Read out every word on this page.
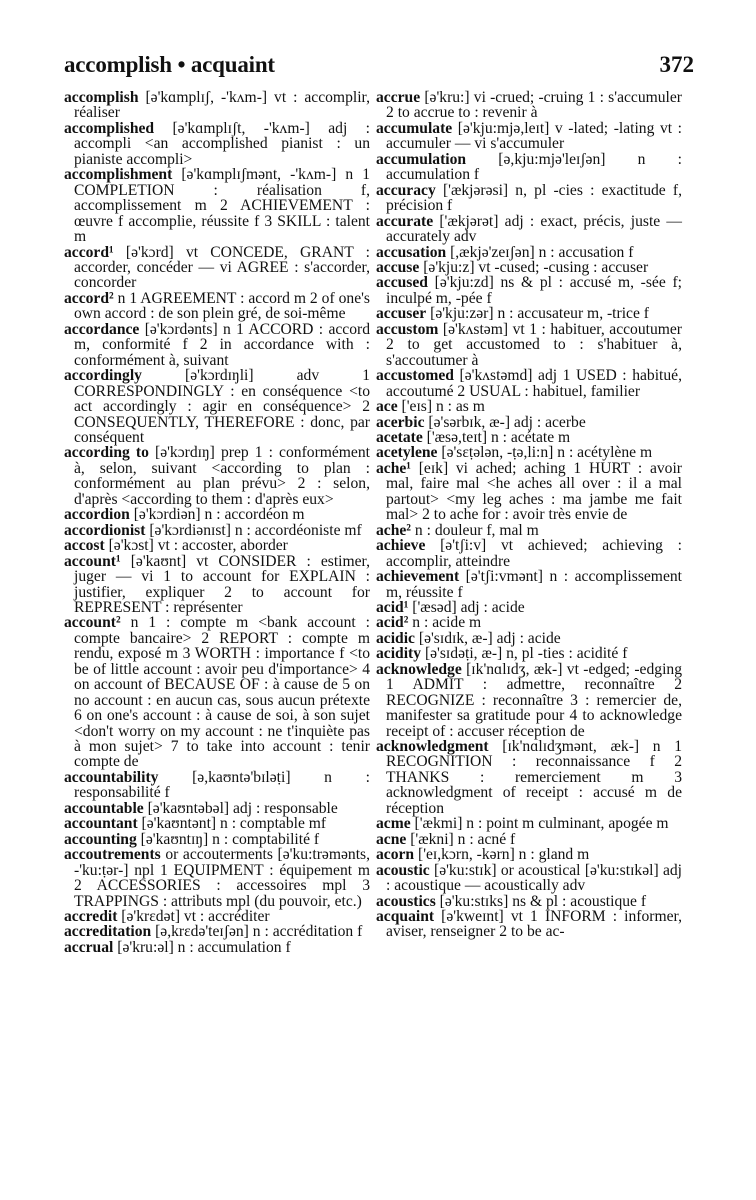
accomplish • acquaint	372
accomplish [ə'kɑmplɪʃ, -'kʌm-] vt : accomplir, réaliser
accomplished [ə'kɑmplɪʃt, -'kʌm-] adj : accompli <an accomplished pianist : un pianiste accompli>
accomplishment [ə'kɑmplɪʃmənt, -'kʌm-] n 1 COMPLETION : réalisation f, accomplissement m 2 ACHIEVEMENT : œuvre f accomplie, réussite f 3 SKILL : talent m
accord¹ [ə'kɔrd] vt CONCEDE, GRANT : accorder, concéder — vi AGREE : s'accorder, concorder
accord² n 1 AGREEMENT : accord m 2 of one's own accord : de son plein gré, de soi-même
accordance [ə'kɔrdənts] n 1 ACCORD : accord m, conformité f 2 in accordance with : conformément à, suivant
accordingly [ə'kɔrdɪŋli] adv 1 CORRESPONDINGLY : en conséquence <to act accordingly : agir en conséquence> 2 CONSEQUENTLY, THEREFORE : donc, par conséquent
according to [ə'kɔrdɪŋ] prep 1 : conformément à, selon, suivant <according to plan : conformément au plan prévu> 2 : selon, d'après <according to them : d'après eux>
accordion [ə'kɔrdiən] n : accordéon m
accordionist [ə'kɔrdiənɪst] n : accordéoniste mf
accost [ə'kɔst] vt : accoster, aborder
account¹ [ə'kaʊnt] vt CONSIDER : estimer, juger — vi 1 to account for EXPLAIN : justifier, expliquer 2 to account for REPRESENT : représenter
account² n 1 : compte m <bank account : compte bancaire> 2 REPORT : compte m rendu, exposé m 3 WORTH : importance f <to be of little account : avoir peu d'importance> 4 on account of BECAUSE OF : à cause de 5 on no account : en aucun cas, sous aucun prétexte 6 on one's account : à cause de soi, à son sujet <don't worry on my account : ne t'inquiète pas à mon sujet> 7 to take into account : tenir compte de
accountability [ə,kaʊntə'bɪləṭi] n : responsabilité f
accountable [ə'kaʊntəbəl] adj : responsable
accountant [ə'kaʊntənt] n : comptable mf
accounting [ə'kaʊntɪŋ] n : comptabilité f
accoutrements or accouterments [ə'ku:trəmənts, -'ku:ṭər-] npl 1 EQUIPMENT : équipement m 2 ACCESSORIES : accessoires mpl 3 TRAPPINGS : attributs mpl (du pouvoir, etc.)
accredit [ə'krɛdət] vt : accréditer
accreditation [ə,krɛdə'teɪʃən] n : accréditation f
accrual [ə'kru:əl] n : accumulation f
accrue [ə'kru:] vi -crued; -cruing 1 : s'accumuler 2 to accrue to : revenir à
accumulate [ə'kju:mjə,leɪt] v -lated; -lating vt : accumuler — vi s'accumuler
accumulation [ə,kju:mjə'leɪʃən] n : accumulation f
accuracy ['ækjərəsi] n, pl -cies : exactitude f, précision f
accurate ['ækjərət] adj : exact, précis, juste — accurately adv
accusation [,ækjə'zeɪʃən] n : accusation f
accuse [ə'kju:z] vt -cused; -cusing : accuser
accused [ə'kju:zd] ns & pl : accusé m, -sée f; inculpé m, -pée f
accuser [ə'kju:zər] n : accusateur m, -trice f
accustom [ə'kʌstəm] vt 1 : habituer, accoutumer 2 to get accustomed to : s'habituer à, s'accoutumer à
accustomed [ə'kʌstəmd] adj 1 USED : habitué, accoutumé 2 USUAL : habituel, familier
ace ['eɪs] n : as m
acerbic [ə'sərbɪk, æ-] adj : acerbe
acetate ['æsə,teɪt] n : acétate m
acetylene [ə'sɛṭələn, -ṭə,li:n] n : acétylène m
ache¹ [eɪk] vi ached; aching 1 HURT : avoir mal, faire mal <he aches all over : il a mal partout> <my leg aches : ma jambe me fait mal> 2 to ache for : avoir très envie de
ache² n : douleur f, mal m
achieve [ə'tʃi:v] vt achieved; achieving : accomplir, atteindre
achievement [ə'tʃi:vmənt] n : accomplissement m, réussite f
acid¹ ['æsəd] adj : acide
acid² n : acide m
acidic [ə'sɪdɪk, æ-] adj : acide
acidity [ə'sɪdəṭi, æ-] n, pl -ties : acidité f
acknowledge [ɪk'nɑlɪdʒ, æk-] vt -edged; -edging 1 ADMIT : admettre, reconnaître 2 RECOGNIZE : reconnaître 3 : remercier de, manifester sa gratitude pour 4 to acknowledge receipt of : accuser réception de
acknowledgment [ɪk'nɑlɪdʒmənt, æk-] n 1 RECOGNITION : reconnaissance f 2 THANKS : remerciement m 3 acknowledgment of receipt : accusé m de réception
acme ['ækmi] n : point m culminant, apogée m
acne ['ækni] n : acné f
acorn ['eɪ,kɔrn, -kərn] n : gland m
acoustic [ə'ku:stɪk] or acoustical [ə'ku:stɪkəl] adj : acoustique — acoustically adv
acoustics [ə'ku:stɪks] ns & pl : acoustique f
acquaint [ə'kweɪnt] vt 1 INFORM : informer, aviser, renseigner 2 to be ac-
